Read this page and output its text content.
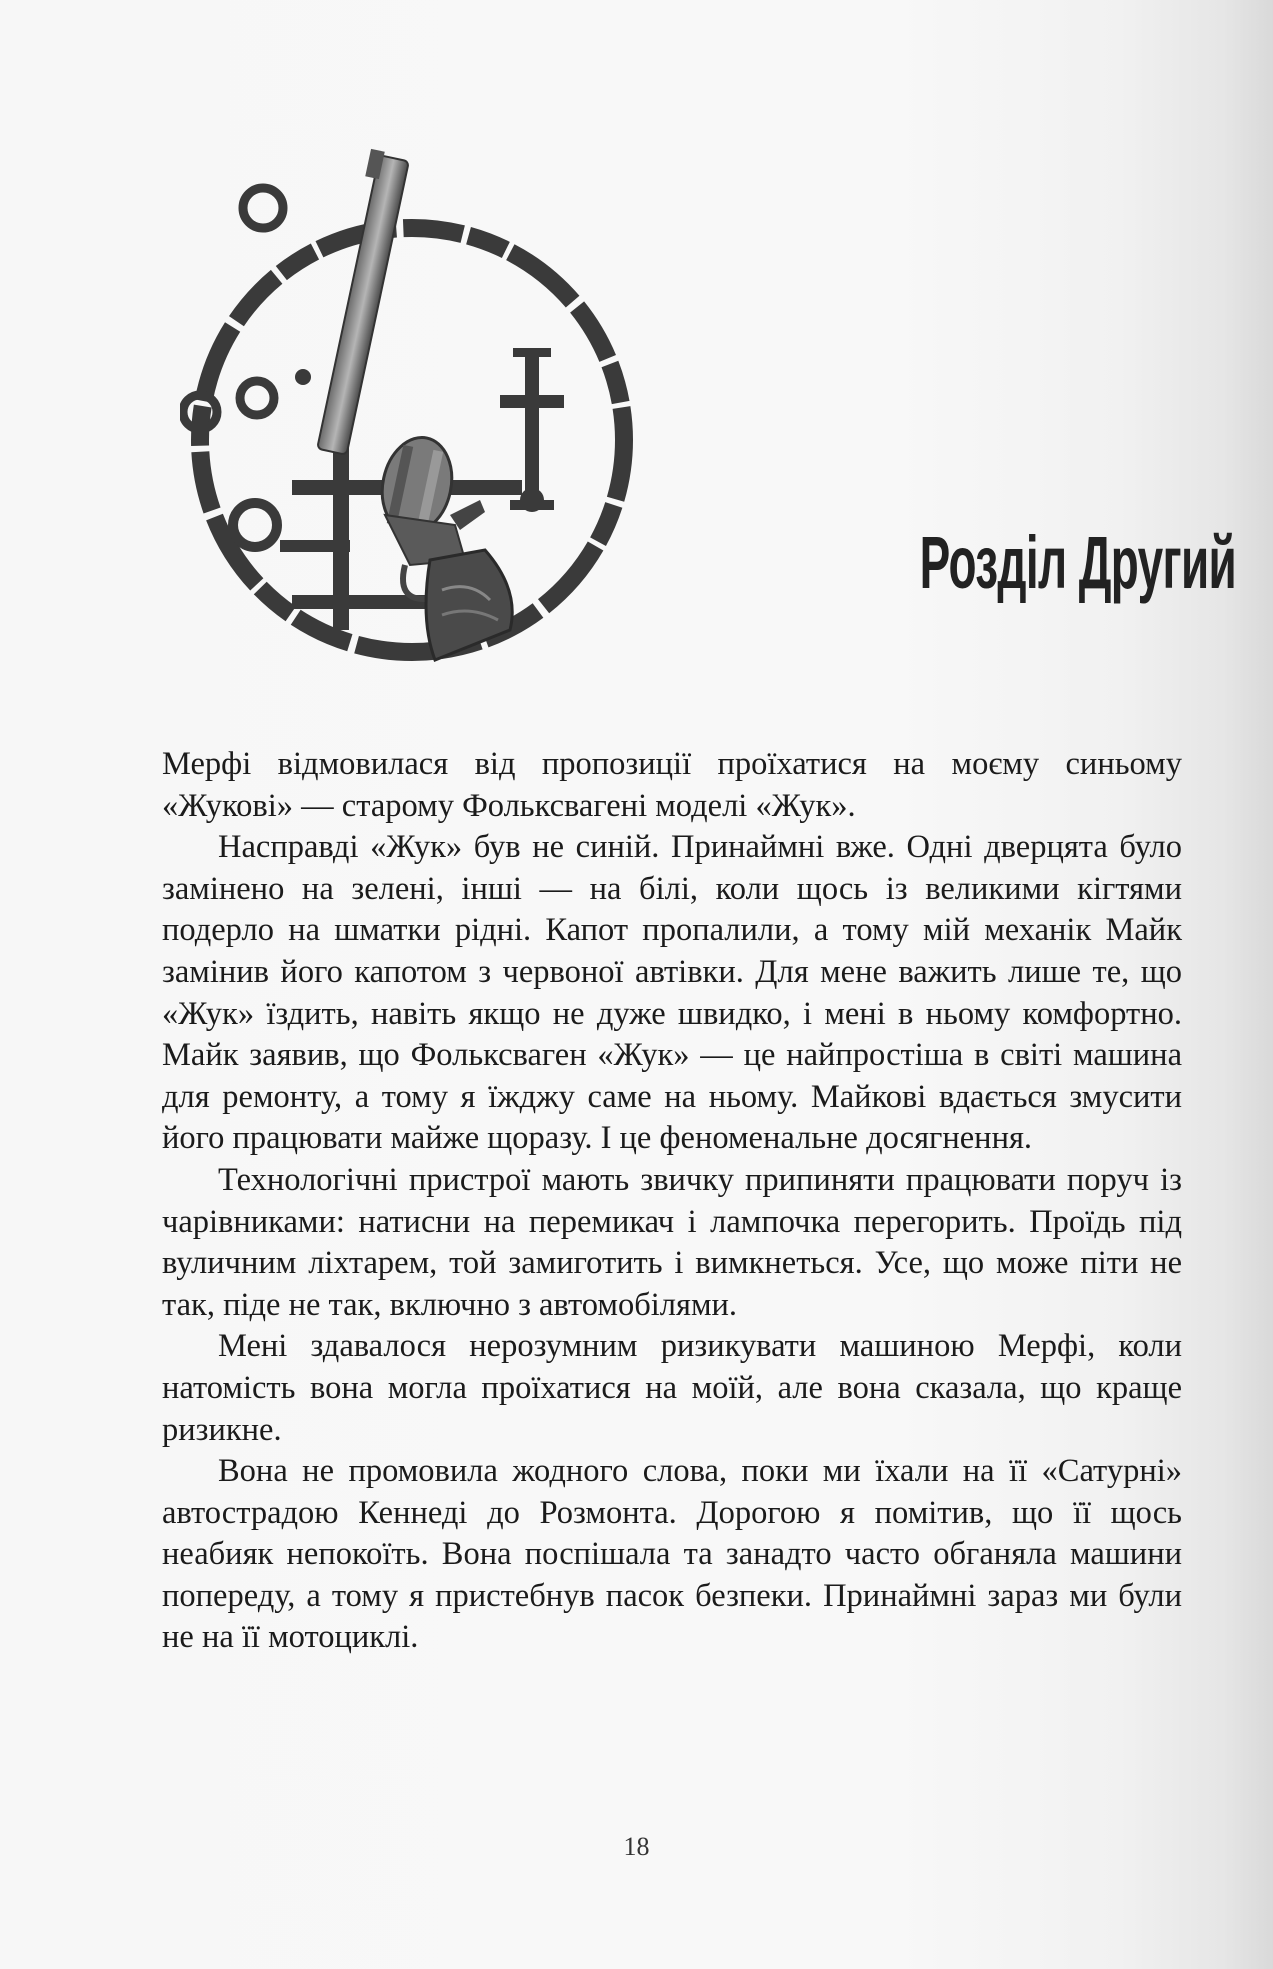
Розділ Другий

Мерфі відмовилася від пропозиції проїхатися на моєму синьому «Жукові» — старому Фольксвагені моделі «Жук».

Насправді «Жук» був не синій. Принаймні вже. Одні дверцята було замінено на зелені, інші — на білі, коли щось із великими кігтями подерло на шматки рідні. Капот пропалили, а тому мій механік Майк замінив його капотом з червоної автівки. Для мене важить лише те, що «Жук» їздить, навіть якщо не дуже швидко, і мені в ньому комфортно. Майк заявив, що Фольксваген «Жук» — це найпростіша в світі машина для ремонту, а тому я їжджу саме на ньому. Майкові вдається змусити його працювати майже щоразу. І це феноменальне досягнення.

Технологічні пристрої мають звичку припиняти працювати поруч із чарівниками: натисни на перемикач і лампочка перегорить. Проїдь під вуличним ліхтарем, той замиготить і вимкнеться. Усе, що може піти не так, піде не так, включно з автомобілями.

Мені здавалося нерозумним ризикувати машиною Мерфі, коли натомість вона могла проїхатися на моїй, але вона сказала, що краще ризикне.

Вона не промовила жодного слова, поки ми їхали на її «Сатурні» автострадою Кеннеді до Розмонта. Дорогою я помітив, що її щось неабияк непокоїть. Вона поспішала та занадто часто обганяла машини попереду, а тому я пристебнув пасок безпеки. Принаймні зараз ми були не на її мотоциклі.

18
